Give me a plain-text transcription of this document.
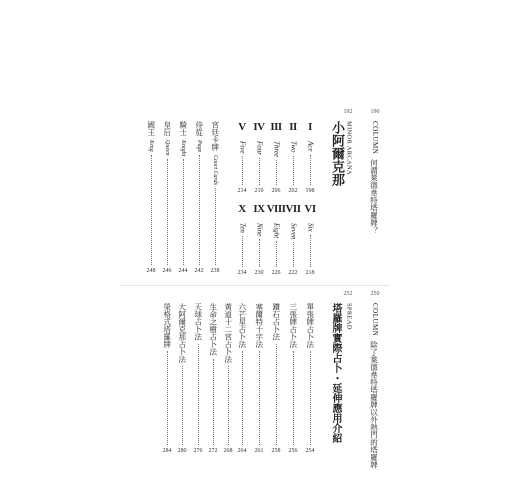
192	190
COLUMN
何謂萊德韋特塔羅牌？
MINOR ARCANA
小阿爾克那
I
Ace
198
II
Two
202
III
Three
206
IV
Four
210
V
Five
214
VI
Six
218
VII
Seven
222
VIII
Eight
226
IX
Nine
230
X
Ten
234
宮廷卡牌
Court Cards
238
侍從
Page
242
騎士
Knight
244
皇后
Queen
246
國王
King
248
252	250
COLUMN
除了萊德韋特塔羅牌以外熱門的塔羅牌
SPREAD
塔羅牌實際占卜・延伸應用介紹
單張牌占卜法
254
三張牌占卜法
256
鑽石占卜法
258
塞爾特十字法
261
六芒星占卜法
264
黃道十二宮占卜法
268
生命之樹占卜法
272
天球占卜法
276
大阿爾克那占卜法
280
榮格式塔羅牌
284
